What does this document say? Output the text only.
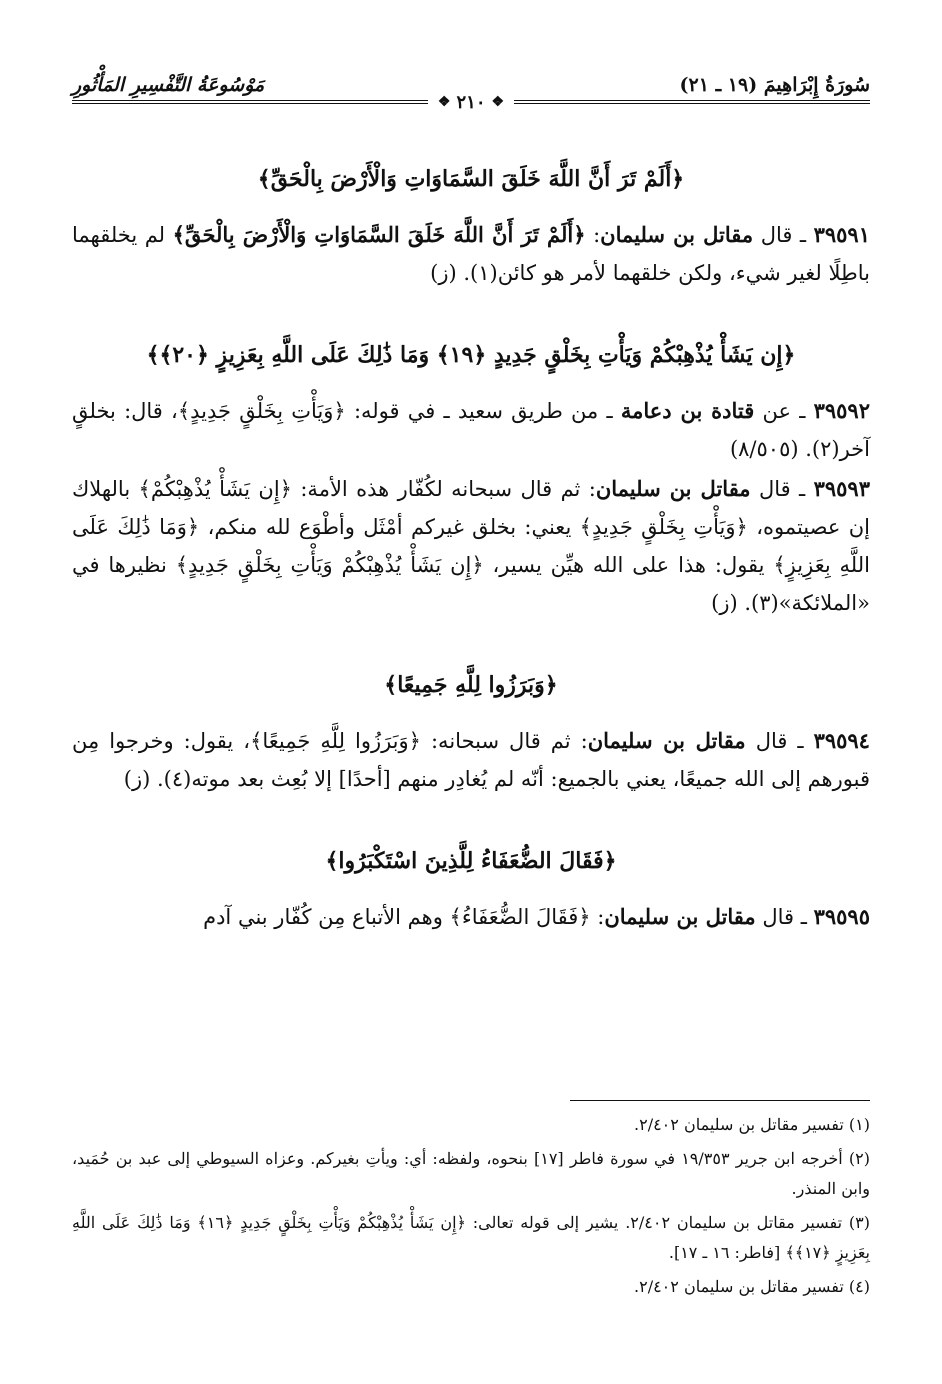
سُورَةُ إِبْرَاهِيمَ (١٩ ـ ٢١)
مَوْسُوعَةُ التَّفْسِيرِ المَأْثُورِ
❖
٢١٠
❖
﴿أَلَمْ تَرَ أَنَّ اللَّهَ خَلَقَ السَّمَاوَاتِ وَالْأَرْضَ بِالْحَقِّ﴾

٣٩٥٩١ ـ قال مقاتل بن سليمان: ﴿أَلَمْ تَرَ أَنَّ اللَّهَ خَلَقَ السَّمَاوَاتِ وَالْأَرْضَ بِالْحَقِّ﴾ لم يخلقهما باطِلًا لغير شيء، ولكن خلقهما لأمر هو كائن(١). (ز)

﴿إِن يَشَأْ يُذْهِبْكُمْ وَيَأْتِ بِخَلْقٍ جَدِيدٍ ﴿١٩﴾ وَمَا ذَٰلِكَ عَلَى اللَّهِ بِعَزِيزٍ ﴿٢٠﴾﴾

٣٩٥٩٢ ـ عن قتادة بن دعامة ـ من طريق سعيد ـ في قوله: ﴿وَيَأْتِ بِخَلْقٍ جَدِيدٍ﴾، قال: بخلقٍ آخر(٢). (٨/٥٠٥)

٣٩٥٩٣ ـ قال مقاتل بن سليمان: ثم قال سبحانه لكُفّار هذه الأمة: ﴿إِن يَشَأْ يُذْهِبْكُمْ﴾ بالهلاك إن عصيتموه، ﴿وَيَأْتِ بِخَلْقٍ جَدِيدٍ﴾ يعني: بخلق غيركم أمْثَل وأطْوَع لله منكم، ﴿وَمَا ذَٰلِكَ عَلَى اللَّهِ بِعَزِيزٍ﴾ يقول: هذا على الله هيِّن يسير، ﴿إِن يَشَأْ يُذْهِبْكُمْ وَيَأْتِ بِخَلْقٍ جَدِيدٍ﴾ نظيرها في «الملائكة»(٣). (ز)

﴿وَبَرَزُوا لِلَّهِ جَمِيعًا﴾

٣٩٥٩٤ ـ قال مقاتل بن سليمان: ثم قال سبحانه: ﴿وَبَرَزُوا لِلَّهِ جَمِيعًا﴾، يقول: وخرجوا مِن قبورهم إلى الله جميعًا، يعني بالجميع: أنّه لم يُغادِر منهم [أحدًا] إلا بُعِث بعد موته(٤). (ز)

﴿فَقَالَ الضُّعَفَاءُ لِلَّذِينَ اسْتَكْبَرُوا﴾

٣٩٥٩٥ ـ قال مقاتل بن سليمان: ﴿فَقَالَ الضُّعَفَاءُ﴾ وهم الأتباع مِن كُفّار بني آدم

(١) تفسير مقاتل بن سليمان ٢/٤٠٢.

(٢) أخرجه ابن جرير ١٩/٣٥٣ في سورة فاطر [١٧] بنحوه، ولفظه: أي: ويأتِ بغيركم. وعزاه السيوطي إلى عبد بن حُمَيد، وابن المنذر.

(٣) تفسير مقاتل بن سليمان ٢/٤٠٢. يشير إلى قوله تعالى: ﴿إِن يَشَأْ يُذْهِبْكُمْ وَيَأْتِ بِخَلْقٍ جَدِيدٍ ﴿١٦﴾ وَمَا ذَٰلِكَ عَلَى اللَّهِ بِعَزِيزٍ ﴿١٧﴾﴾ [فاطر: ١٦ ـ ١٧].

(٤) تفسير مقاتل بن سليمان ٢/٤٠٢.
